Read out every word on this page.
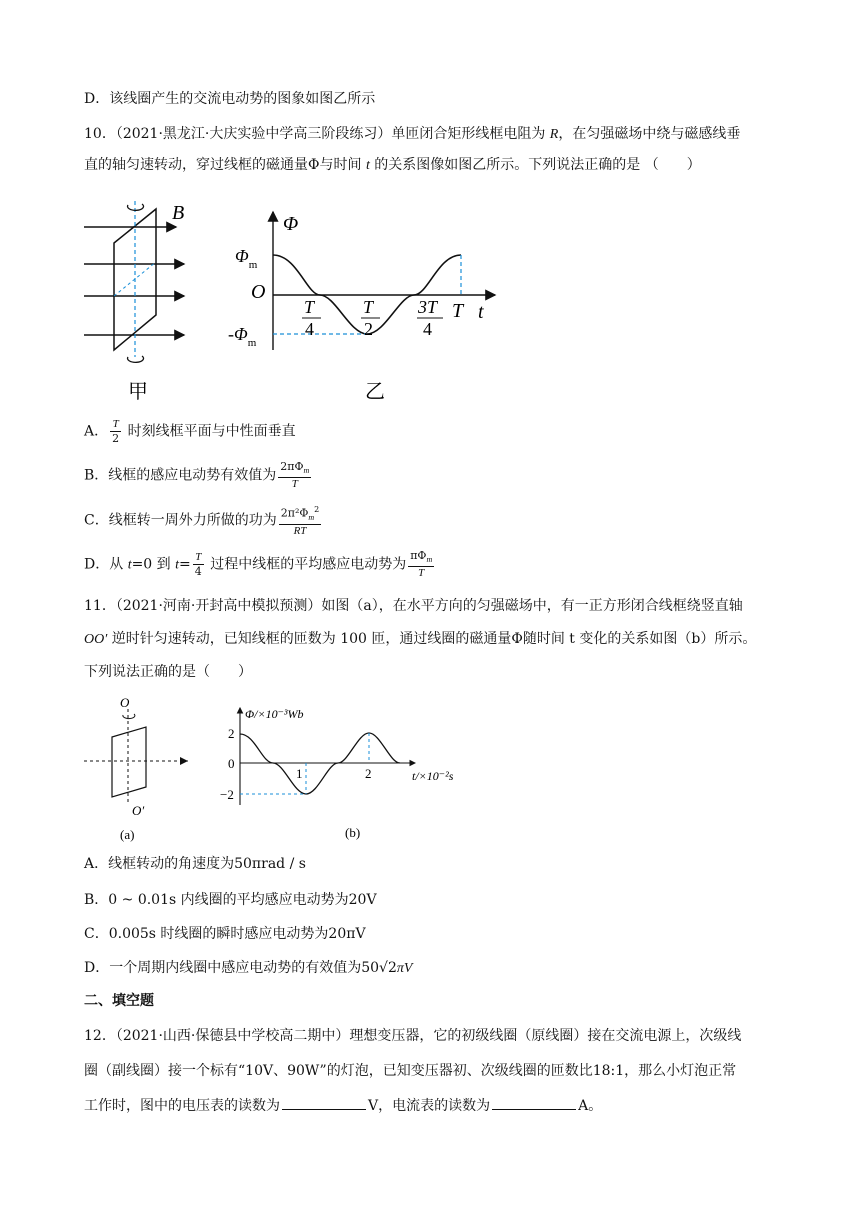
D．该线圈产生的交流电动势的图象如图乙所示
10．（2021·黑龙江·大庆实验中学高三阶段练习）单匝闭合矩形线框电阻为 R，在匀强磁场中绕与磁感线垂
直的轴匀速转动，穿过线框的磁通量Φ与时间 t 的关系图像如图乙所示。下列说法正确的是 （　　）
B
甲
Φ
t
$\Phi_m$
O
$-\Phi_m$
T
4
T
2
3T
4
T
乙
A． $\frac{T}{2}$ 时刻线框平面与中性面垂直
B．线框的感应电动势有效值为 $\frac{2\pi\Phi_m}{T}$
C．线框转一周外力所做的功为 $\frac{2\pi^2\Phi_m^2}{RT}$
D．从 t=0 到 $t= \frac{T}{4}$ 过程中线框的平均感应电动势为 $\frac{\pi\Phi_m}{T}$
11．（2021·河南·开封高中模拟预测）如图（a），在水平方向的匀强磁场中，有一正方形闭合线框绕竖直轴
OO′ 逆时针匀速转动，已知线框的匝数为 100 匝，通过线圈的磁通量Φ随时间 t 变化的关系如图（b）所示。
下列说法正确的是（　　）
O
O′
(a)
Φ/×10⁻³Wb
t/×10⁻²s
2
0
−2
1	2
(b)
A．线框转动的角速度为50πrad / s
B．0 ~ 0.01s 内线圈的平均感应电动势为20V
C．0.005s 时线圈的瞬时感应电动势为20πV
D．一个周期内线圈中感应电动势的有效值为50√2πV
二、填空题
12．（2021·山西·保德县中学校高二期中）理想变压器，它的初级线圈（原线圈）接在交流电源上，次级线
圈（副线圈）接一个标有“10V、90W”的灯泡，已知变压器初、次级线圈的匝数比18:1，那么小灯泡正常
工作时，图中的电压表的读数为	V，电流表的读数为	A。
